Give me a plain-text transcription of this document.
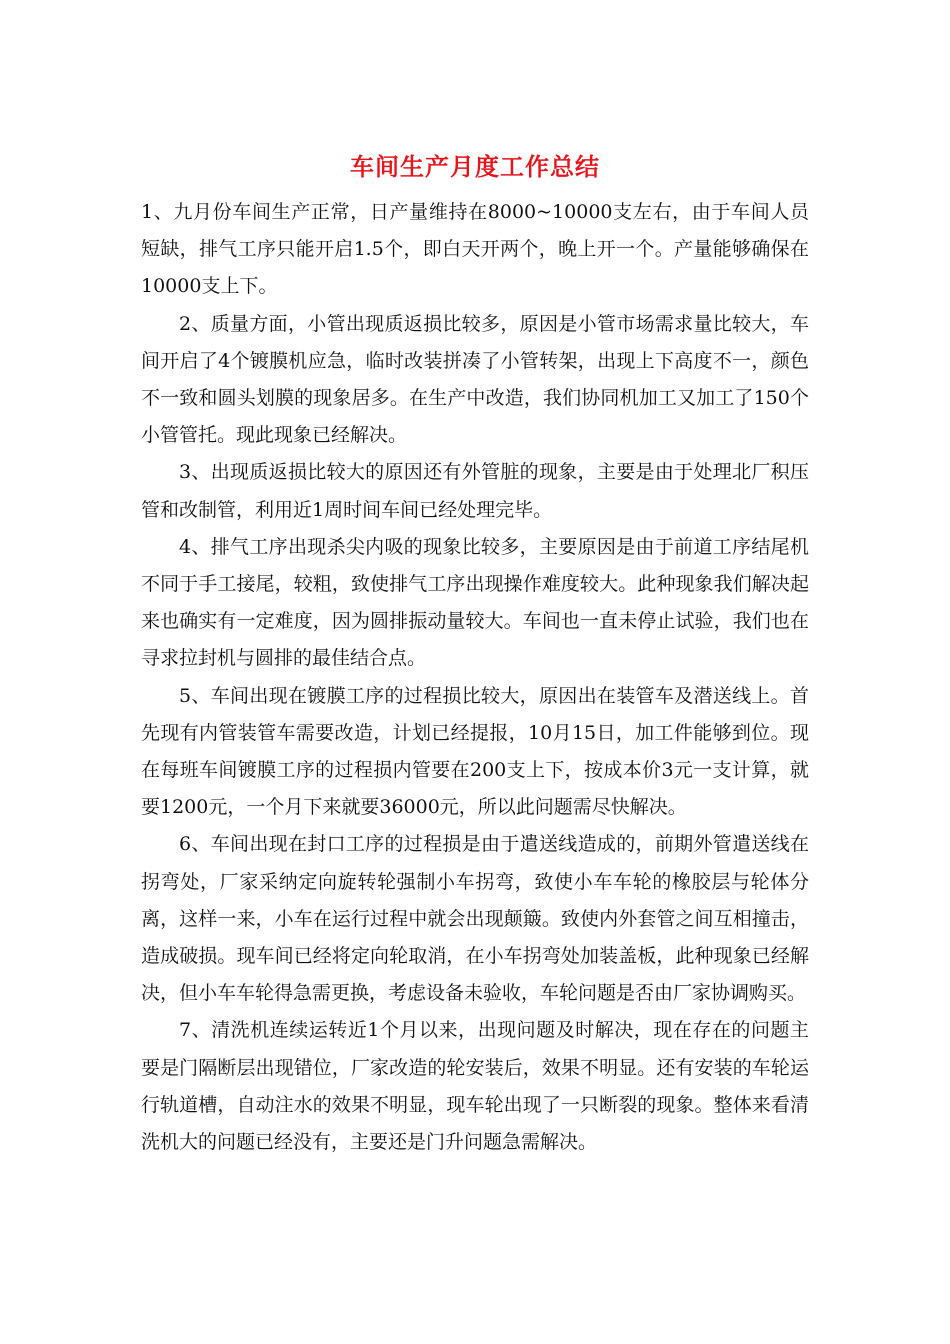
车间生产月度工作总结

1、九月份车间生产正常，日产量维持在8000~10000支左右，由于车间人员短缺，排气工序只能开启1.5个，即白天开两个，晚上开一个。产量能够确保在10000支上下。

2、质量方面，小管出现质返损比较多，原因是小管市场需求量比较大，车间开启了4个镀膜机应急，临时改装拼凑了小管转架，出现上下高度不一，颜色不一致和圆头划膜的现象居多。在生产中改造，我们协同机加工又加工了150个小管管托。现此现象已经解决。

3、出现质返损比较大的原因还有外管脏的现象，主要是由于处理北厂积压管和改制管，利用近1周时间车间已经处理完毕。

4、排气工序出现杀尖内吸的现象比较多，主要原因是由于前道工序结尾机不同于手工接尾，较粗，致使排气工序出现操作难度较大。此种现象我们解决起来也确实有一定难度，因为圆排振动量较大。车间也一直未停止试验，我们也在寻求拉封机与圆排的最佳结合点。

5、车间出现在镀膜工序的过程损比较大，原因出在装管车及潜送线上。首先现有内管装管车需要改造，计划已经提报，10月15日，加工件能够到位。现在每班车间镀膜工序的过程损内管要在200支上下，按成本价3元一支计算，就要1200元，一个月下来就要36000元，所以此问题需尽快解决。

6、车间出现在封口工序的过程损是由于遣送线造成的，前期外管遣送线在拐弯处，厂家采纳定向旋转轮强制小车拐弯，致使小车车轮的橡胶层与轮体分离，这样一来，小车在运行过程中就会出现颠簸。致使内外套管之间互相撞击，造成破损。现车间已经将定向轮取消，在小车拐弯处加装盖板，此种现象已经解决，但小车车轮得急需更换，考虑设备未验收，车轮问题是否由厂家协调购买。

7、清洗机连续运转近1个月以来，出现问题及时解决，现在存在的问题主要是门隔断层出现错位，厂家改造的轮安装后，效果不明显。还有安装的车轮运行轨道槽，自动注水的效果不明显，现车轮出现了一只断裂的现象。整体来看清洗机大的问题已经没有，主要还是门升问题急需解决。
